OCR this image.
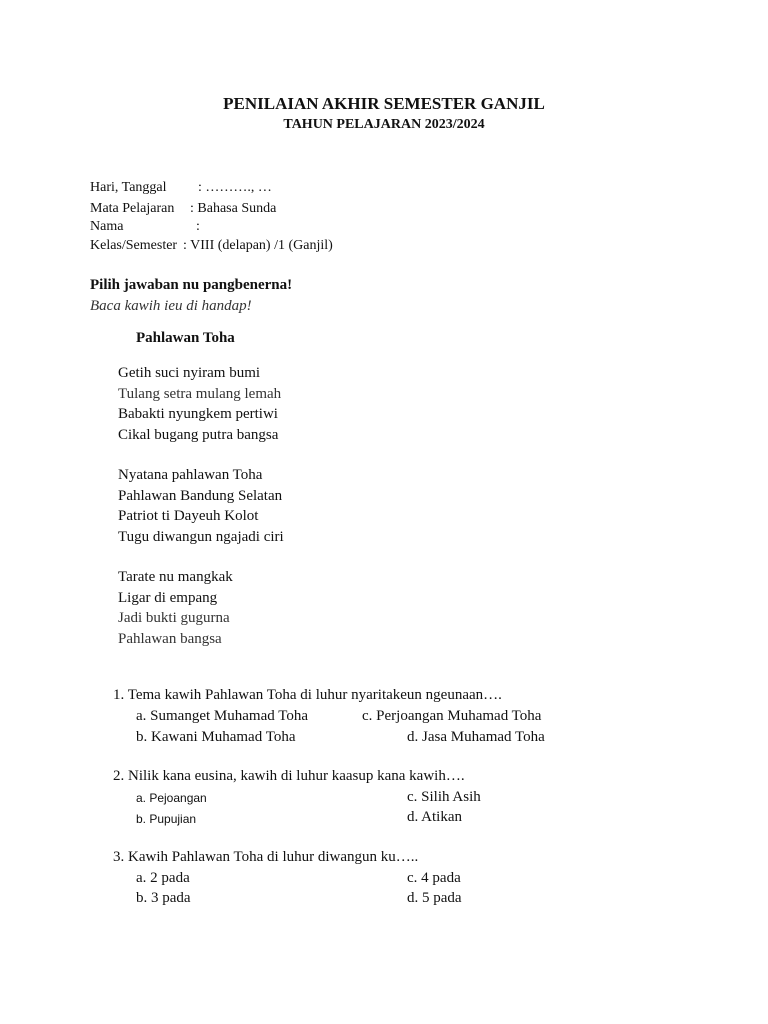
PENILAIAN AKHIR SEMESTER GANJIL
TAHUN PELAJARAN 2023/2024
Hari, Tanggal : ………., …
Mata Pelajaran : Bahasa Sunda
Nama	:
Kelas/Semester : VIII (delapan) /1 (Ganjil)
Pilih jawaban nu pangbenerna!
Baca kawih ieu di handap!
Pahlawan Toha
Getih suci nyiram bumi
Tulang setra mulang lemah
Babakti nyungkem pertiwi
Cikal bugang putra bangsa
Nyatana pahlawan Toha
Pahlawan Bandung Selatan
Patriot ti Dayeuh Kolot
Tugu diwangun ngajadi ciri
Tarate nu mangkak
Ligar di empang
Jadi bukti gugurna
Pahlawan bangsa
1. Tema kawih Pahlawan Toha di luhur nyaritakeun ngeunaan….
a. Sumanget Muhamad Toha	c. Perjoangan Muhamad Toha
b. Kawani Muhamad Toha	d. Jasa Muhamad Toha
2. Nilik kana eusina, kawih di luhur kaasup kana kawih….
a. Pejoangan	c. Silih Asih
b. Pupujian	d. Atikan
3. Kawih Pahlawan Toha di luhur diwangun ku…..
a. 2 pada	c. 4 pada
b. 3 pada	d. 5 pada
